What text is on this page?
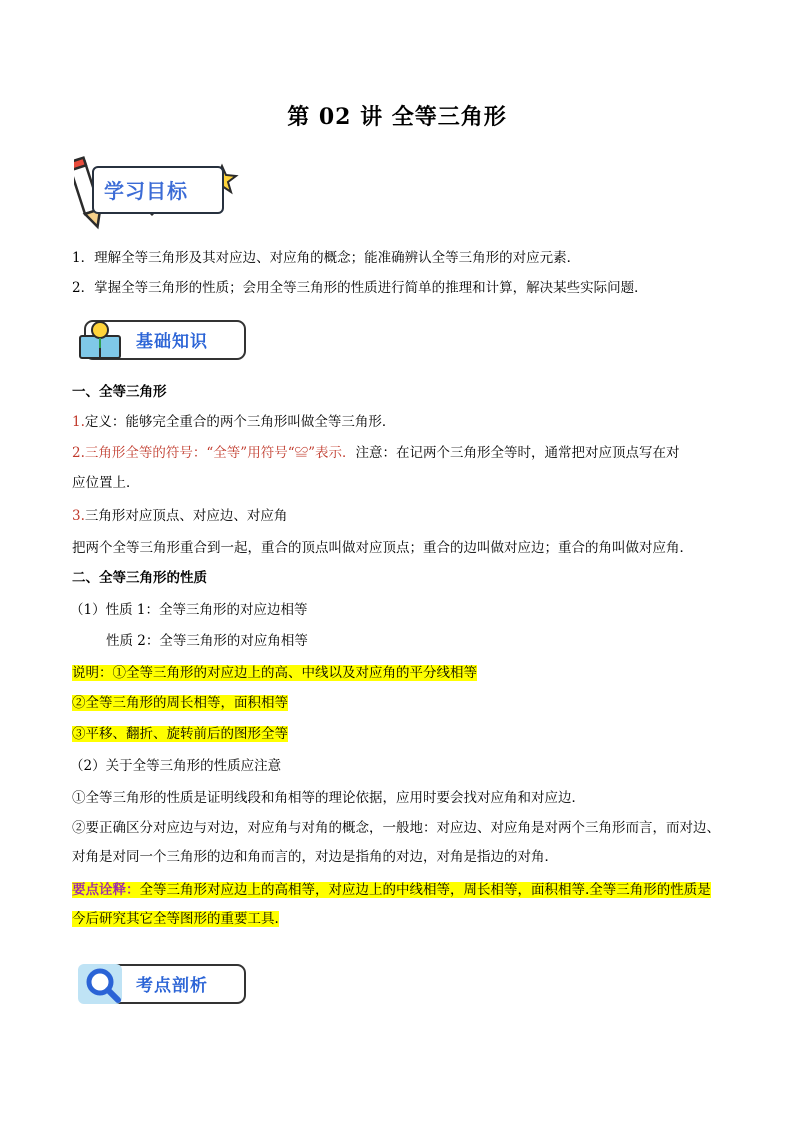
第 02 讲 全等三角形
学习目标
1．理解全等三角形及其对应边、对应角的概念；能准确辨认全等三角形的对应元素．
2．掌握全等三角形的性质；会用全等三角形的性质进行简单的推理和计算，解决某些实际问题．
基础知识
一、全等三角形
1.定义：能够完全重合的两个三角形叫做全等三角形．
2.三角形全等的符号：“全等”用符号“≌”表示．注意：在记两个三角形全等时，通常把对应顶点写在对
应位置上．
3.三角形对应顶点、对应边、对应角
把两个全等三角形重合到一起，重合的顶点叫做对应顶点；重合的边叫做对应边；重合的角叫做对应角．
二、全等三角形的性质
（1）性质 1：全等三角形的对应边相等
性质 2：全等三角形的对应角相等
说明：①全等三角形的对应边上的高、中线以及对应角的平分线相等
②全等三角形的周长相等，面积相等
③平移、翻折、旋转前后的图形全等
（2）关于全等三角形的性质应注意
①全等三角形的性质是证明线段和角相等的理论依据，应用时要会找对应角和对应边．
②要正确区分对应边与对边，对应角与对角的概念，一般地：对应边、对应角是对两个三角形而言，而对边、对角是对同一个三角形的边和角而言的，对边是指角的对边，对角是指边的对角．
要点诠释：全等三角形对应边上的高相等，对应边上的中线相等，周长相等，面积相等.全等三角形的性质是今后研究其它全等图形的重要工具.
考点剖析
